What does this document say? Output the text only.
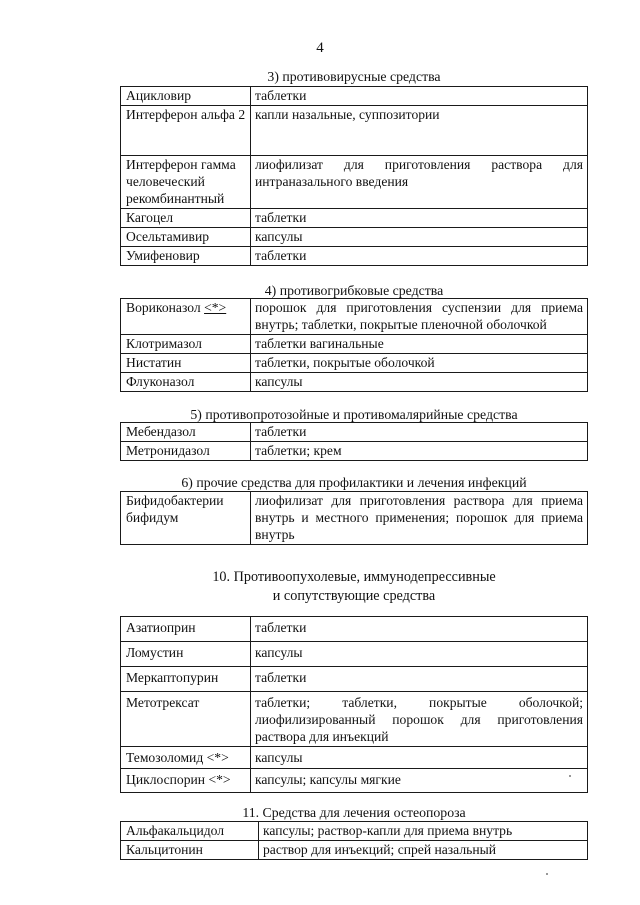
4
3) противовирусные средства
Ацикловир	таблетки
Интерферон альфа 2	капли назальные, суппозитории
Интерферон гамма человеческий рекомбинантный	лиофилизат для приготовления раствора для интраназального введения
Кагоцел	таблетки
Осельтамивир	капсулы
Умифеновир	таблетки
4) противогрибковые средства
Вориконазол <*>	порошок для приготовления суспензии для приема внутрь; таблетки, покрытые пленочной оболочкой
Клотримазол	таблетки вагинальные
Нистатин	таблетки, покрытые оболочкой
Флуконазол	капсулы
5) противопротозойные и противомалярийные средства
Мебендазол	таблетки
Метронидазол	таблетки; крем
6) прочие средства для профилактики и лечения инфекций
Бифидобактерии бифидум	лиофилизат для приготовления раствора для приема внутрь и местного применения; порошок для приема внутрь
10. Противоопухолевые, иммунодепрессивные
и сопутствующие средства
Азатиоприн	таблетки
Ломустин	капсулы
Меркаптопурин	таблетки
Метотрексат	таблетки; таблетки, покрытые оболочкой; лиофилизированный порошок для приготовления раствора для инъекций
Темозоломид <*>	капсулы
Циклоспорин <*>	капсулы; капсулы мягкие
11. Средства для лечения остеопороза
Альфакальцидол	капсулы; раствор-капли для приема внутрь
Кальцитонин	раствор для инъекций; спрей назальный
